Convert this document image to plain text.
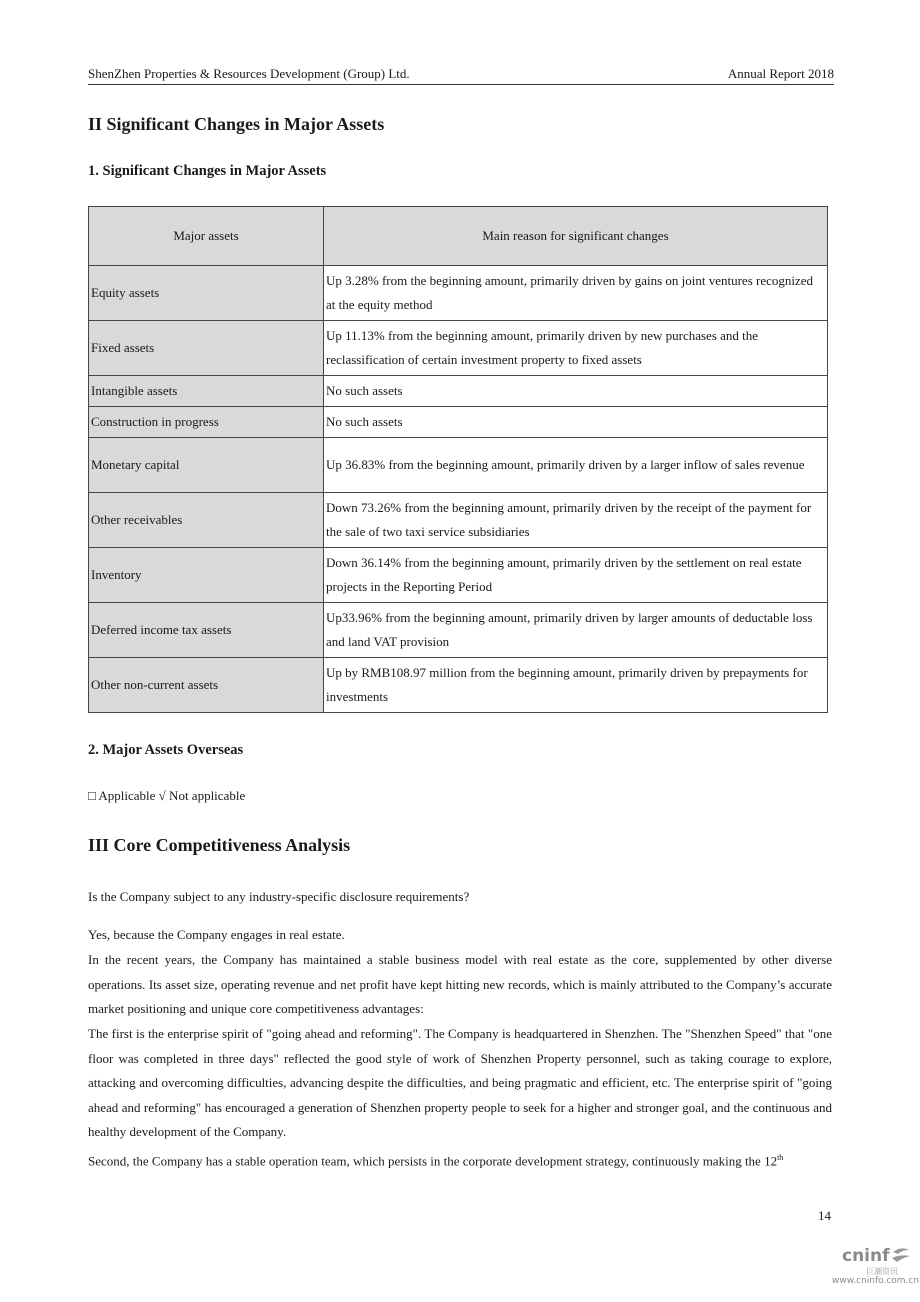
ShenZhen Properties & Resources Development (Group) Ltd.	Annual Report 2018
II Significant Changes in Major Assets
1. Significant Changes in Major Assets
Major assets	Main reason for significant changes
Equity assets	Up 3.28% from the beginning amount, primarily driven by gains on joint ventures recognized at the equity method
Fixed assets	Up 11.13% from the beginning amount, primarily driven by new purchases and the reclassification of certain investment property to fixed assets
Intangible assets	No such assets
Construction in progress	No such assets
Monetary capital	Up 36.83% from the beginning amount, primarily driven by a larger inflow of sales revenue
Other receivables	Down 73.26% from the beginning amount, primarily driven by the receipt of the payment for the sale of two taxi service subsidiaries
Inventory	Down 36.14% from the beginning amount, primarily driven by the settlement on real estate projects in the Reporting Period
Deferred income tax assets	Up33.96% from the beginning amount, primarily driven by larger amounts of deductable loss and land VAT provision
Other non-current assets	Up by RMB108.97 million from the beginning amount, primarily driven by prepayments for investments
2. Major Assets Overseas

□ Applicable √ Not applicable

III Core Competitiveness Analysis

Is the Company subject to any industry-specific disclosure requirements?

Yes, because the Company engages in real estate.

In the recent years, the Company has maintained a stable business model with real estate as the core, supplemented by other diverse operations. Its asset size, operating revenue and net profit have kept hitting new records, which is mainly attributed to the Company’s accurate market positioning and unique core competitiveness advantages:

The first is the enterprise spirit of "going ahead and reforming". The Company is headquartered in Shenzhen. The "Shenzhen Speed" that "one floor was completed in three days" reflected the good style of work of Shenzhen Property personnel, such as taking courage to explore, attacking and overcoming difficulties, advancing despite the difficulties, and being pragmatic and efficient, etc. The enterprise spirit of "going ahead and reforming" has encouraged a generation of Shenzhen property people to seek for a higher and stronger goal, and the continuous and healthy development of the Company.

Second, the Company has a stable operation team, which persists in the corporate development strategy, continuously making the 12th

14
cninf
巨潮资讯
www.cninfo.com.cn
